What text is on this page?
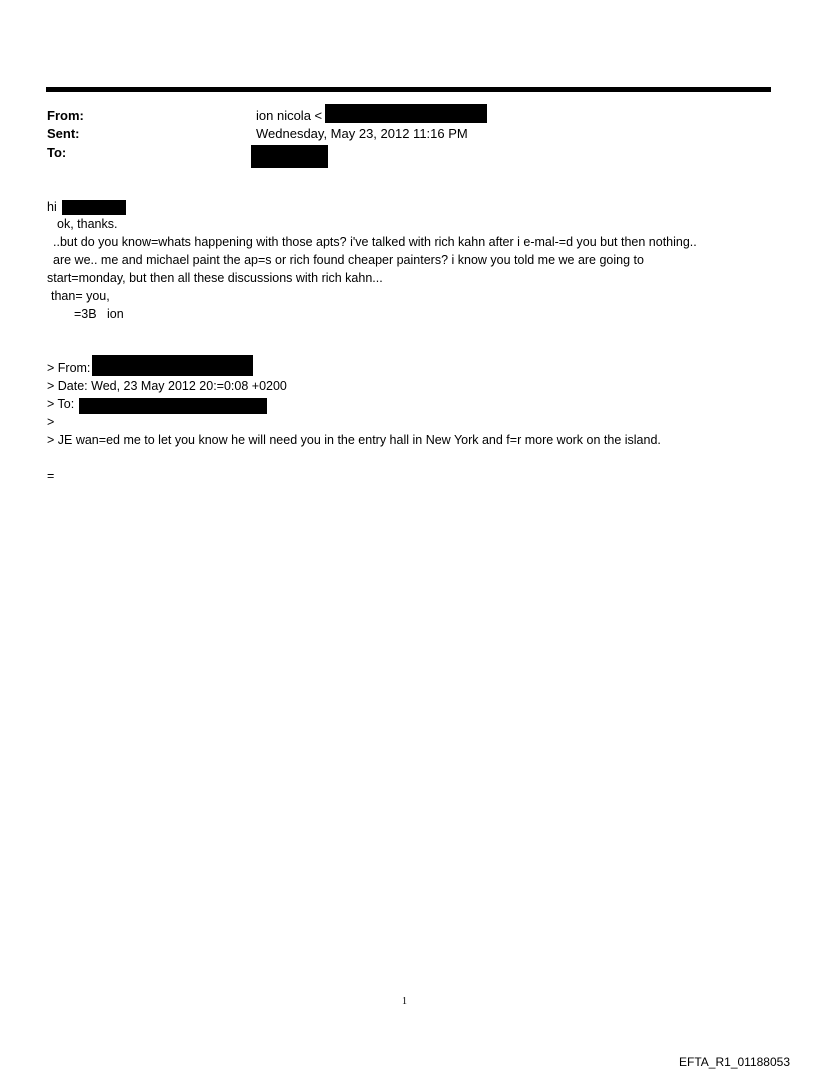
From:	ion nicola <
Sent:	Wednesday, May 23, 2012 11:16 PM
To:
hi
ok, thanks.
..but do you know=whats happening with those apts? i've talked with rich kahn after i e-mal-=d you but then nothing..
are we.. me and michael paint the ap=s or rich found cheaper painters? i know you told me we are going to
start=monday, but then all these discussions with rich kahn...
than= you,
=3B   ion
> From:
> Date: Wed, 23 May 2012 20:=0:08 +0200
> To:
>
> JE wan=ed me to let you know he will need you in the entry hall in New York and f=r more work on the island.
=
1
EFTA_R1_01188053
